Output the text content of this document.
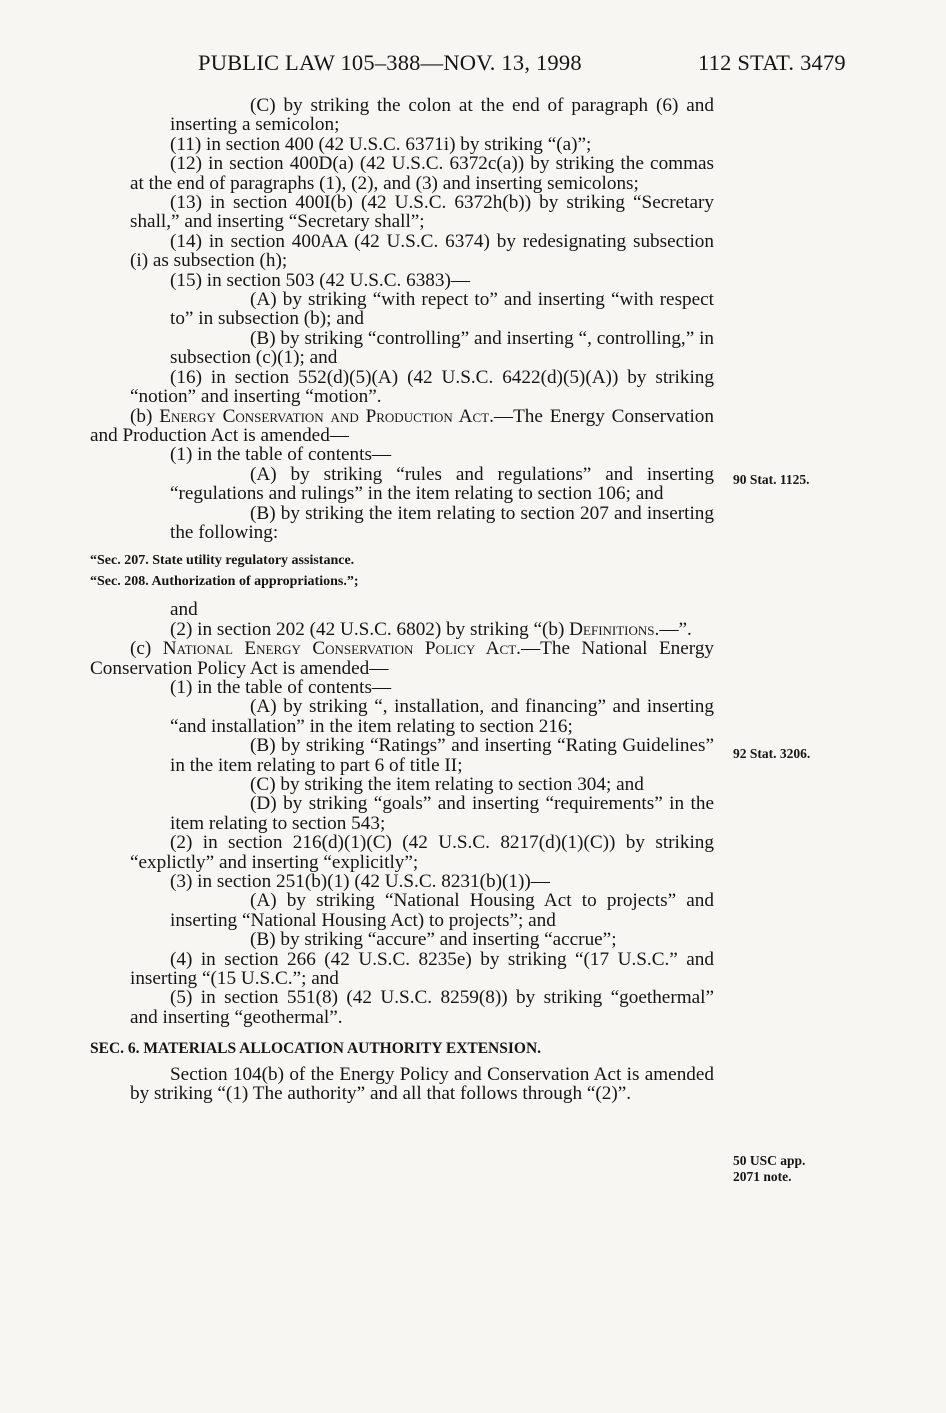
PUBLIC LAW 105–388—NOV. 13, 1998	112 STAT. 3479

(C) by striking the colon at the end of paragraph (6) and inserting a semicolon;

(11) in section 400 (42 U.S.C. 6371i) by striking “(a)”;

(12) in section 400D(a) (42 U.S.C. 6372c(a)) by striking the commas at the end of paragraphs (1), (2), and (3) and inserting semicolons;

(13) in section 400I(b) (42 U.S.C. 6372h(b)) by striking “Secretary shall,” and inserting “Secretary shall”;

(14) in section 400AA (42 U.S.C. 6374) by redesignating subsection (i) as subsection (h);

(15) in section 503 (42 U.S.C. 6383)—

(A) by striking “with repect to” and inserting “with respect to” in subsection (b); and

(B) by striking “controlling” and inserting “, controlling,” in subsection (c)(1); and

(16) in section 552(d)(5)(A) (42 U.S.C. 6422(d)(5)(A)) by striking “notion” and inserting “motion”.

(b) Energy Conservation and Production Act.—The Energy Conservation and Production Act is amended—

(1) in the table of contents—

(A) by striking “rules and regulations” and inserting “regulations and rulings” in the item relating to section 106; and

(B) by striking the item relating to section 207 and inserting the following:

“Sec. 207. State utility regulatory assistance.
“Sec. 208. Authorization of appropriations.”;

and

(2) in section 202 (42 U.S.C. 6802) by striking “(b) Definitions.—”.

(c) National Energy Conservation Policy Act.—The National Energy Conservation Policy Act is amended—

(1) in the table of contents—

(A) by striking “, installation, and financing” and inserting “and installation” in the item relating to section 216;

(B) by striking “Ratings” and inserting “Rating Guidelines” in the item relating to part 6 of title II;

(C) by striking the item relating to section 304; and

(D) by striking “goals” and inserting “requirements” in the item relating to section 543;

(2) in section 216(d)(1)(C) (42 U.S.C. 8217(d)(1)(C)) by striking “explictly” and inserting “explicitly”;

(3) in section 251(b)(1) (42 U.S.C. 8231(b)(1))—

(A) by striking “National Housing Act to projects” and inserting “National Housing Act) to projects”; and

(B) by striking “accure” and inserting “accrue”;

(4) in section 266 (42 U.S.C. 8235e) by striking “(17 U.S.C.” and inserting “(15 U.S.C.”; and

(5) in section 551(8) (42 U.S.C. 8259(8)) by striking “goethermal” and inserting “geothermal”.

SEC. 6. MATERIALS ALLOCATION AUTHORITY EXTENSION.

Section 104(b) of the Energy Policy and Conservation Act is amended by striking “(1) The authority” and all that follows through “(2)”.

90 Stat. 1125.
92 Stat. 3206.
50 USC app.
2071 note.
